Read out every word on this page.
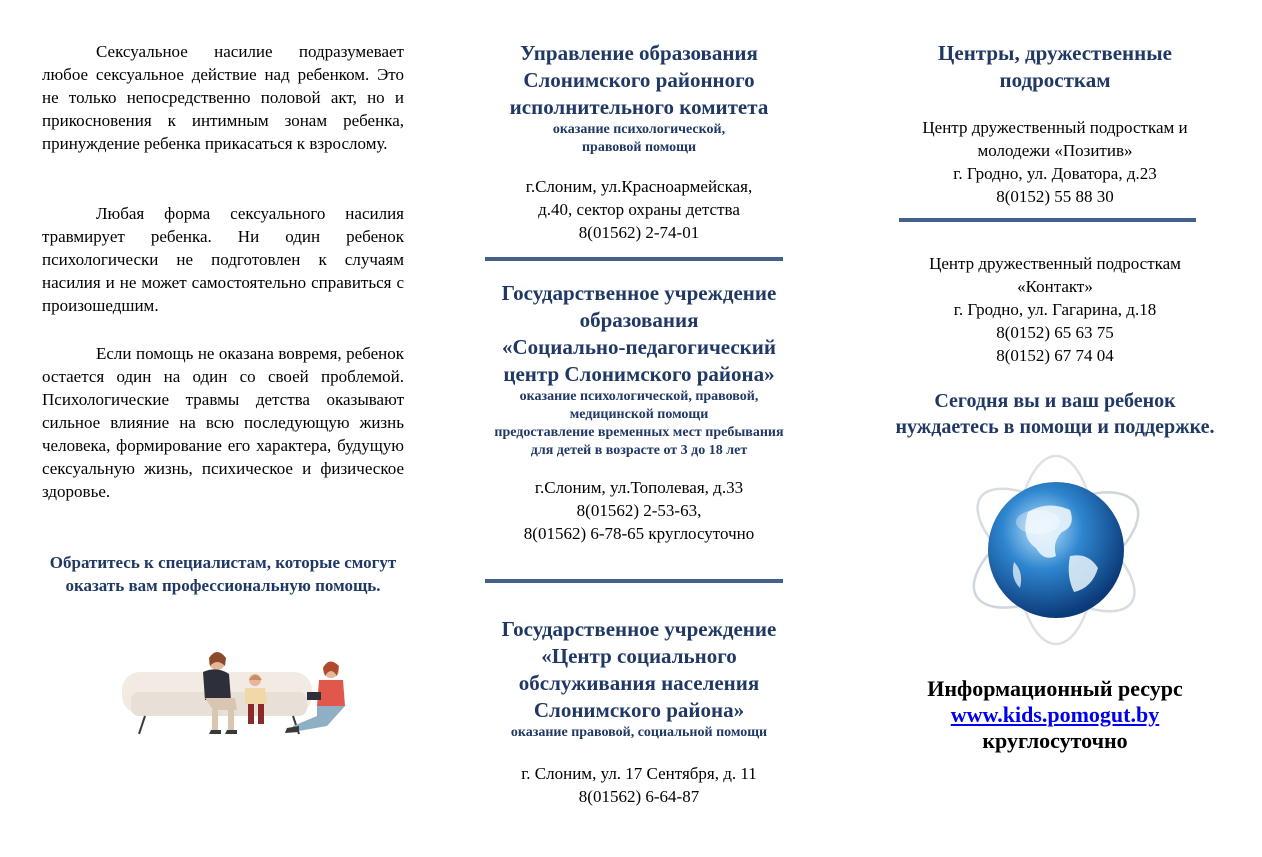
Сексуальное насилие подразумевает любое сексуальное действие над ребенком. Это не только непосредственно половой акт, но и прикосновения к интимным зонам ребенка, принуждение ребенка прикасаться к взрослому.

Любая форма сексуального насилия травмирует ребенка. Ни один ребенок психологически не подготовлен к случаям насилия и не может самостоятельно справиться с произошедшим.

Если помощь не оказана вовремя, ребенок остается один на один со своей проблемой. Психологические травмы детства оказывают сильное влияние на всю последующую жизнь человека, формирование его характера, будущую сексуальную жизнь, психическое и физическое здоровье.

Обратитесь к специалистам, которые смогут оказать вам профессиональную помощь.

Управление образования

Слонимского районного

исполнительного комитета

оказание психологической,

правовой помощи

г.Слоним, ул.Красноармейская,

д.40, сектор охраны детства

8(01562) 2-74-01

Государственное учреждение

образования

«Социально-педагогический

центр Слонимского района»

оказание психологической, правовой,

медицинской помощи

предоставление временных мест пребывания

для детей в возрасте от 3 до 18 лет

г.Слоним, ул.Тополевая, д.33

8(01562) 2-53-63,

8(01562) 6-78-65 круглосуточно

Государственное учреждение

«Центр социального

обслуживания населения

Слонимского района»

оказание правовой, социальной помощи

г. Слоним, ул. 17 Сентября, д. 11

8(01562) 6-64-87

Центры, дружественные

подросткам

Центр дружественный подросткам и

молодежи «Позитив»

г. Гродно, ул. Доватора, д.23

8(0152) 55 88 30

Центр дружественный подросткам

«Контакт»

г. Гродно, ул. Гагарина, д.18

8(0152) 65 63 75

8(0152) 67 74 04

Сегодня вы и ваш ребенок

нуждаетесь в помощи и поддержке.

Информационный ресурс

www.kids.pomogut.by

круглосуточно
